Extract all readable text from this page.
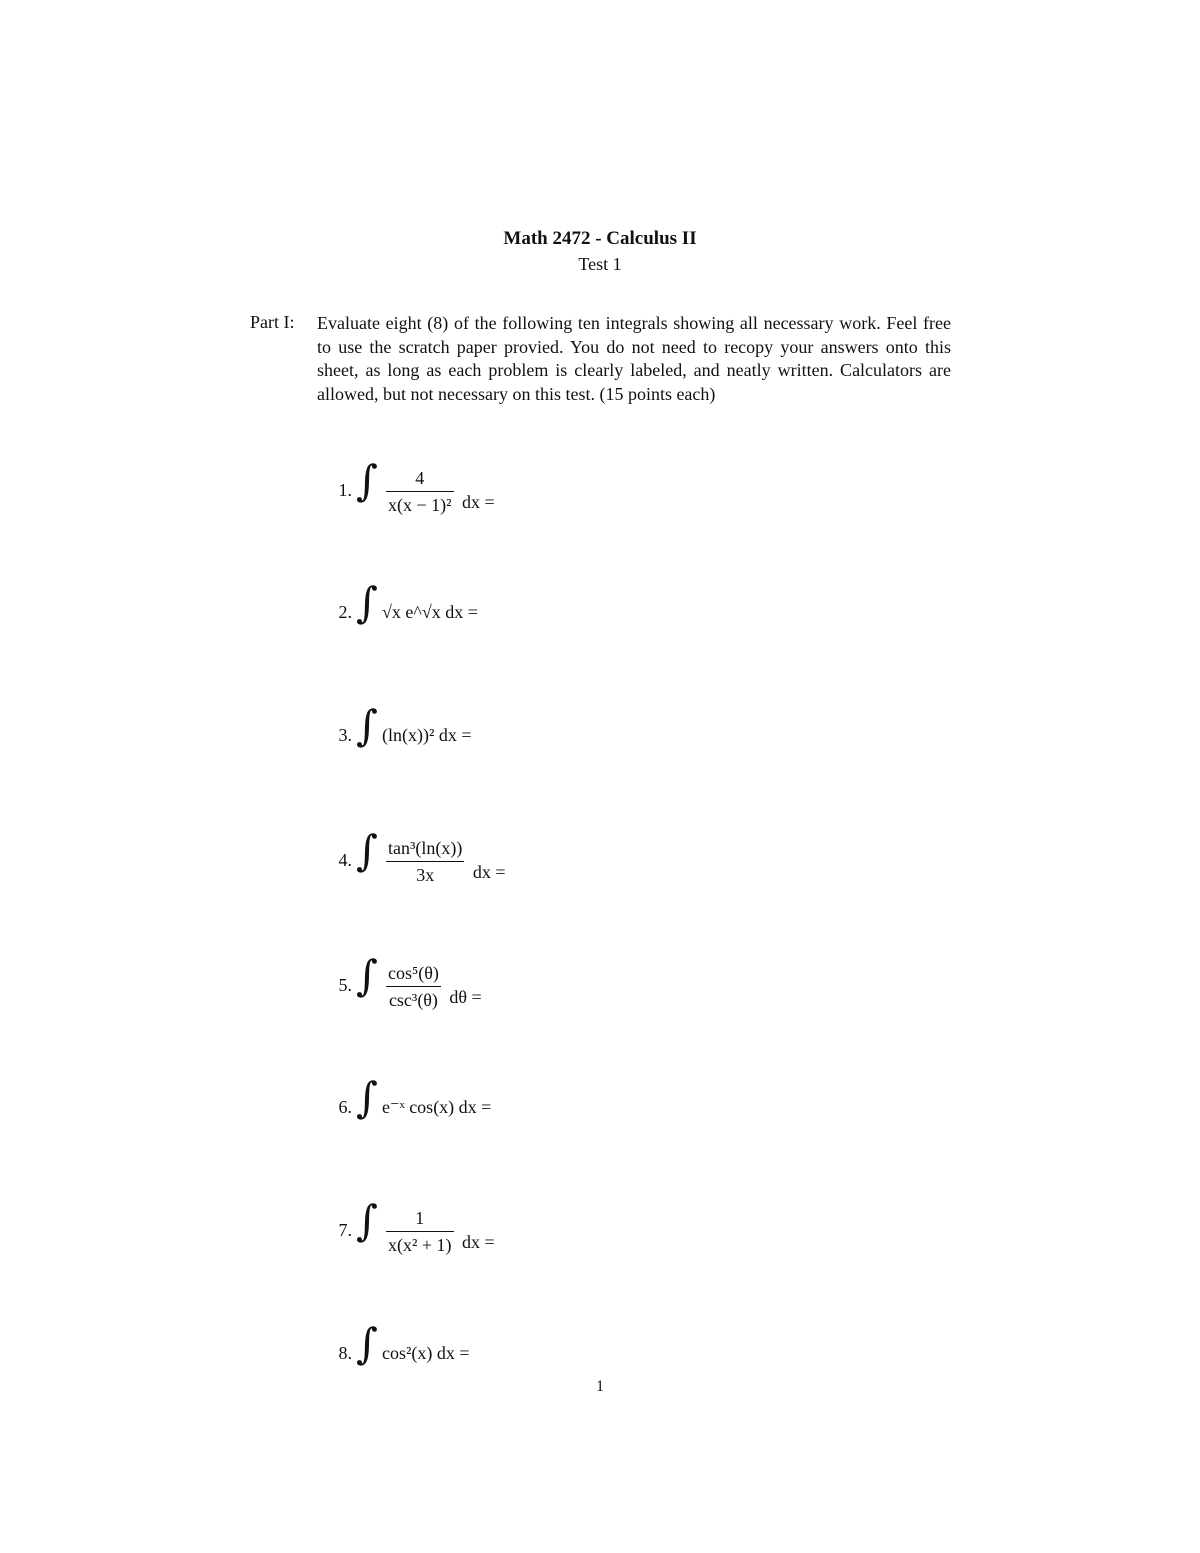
Math 2472 - Calculus II
Test 1
Part I: Evaluate eight (8) of the following ten integrals showing all necessary work. Feel free to use the scratch paper provied. You do not need to recopy your answers onto this sheet, as long as each problem is clearly labeled, and neatly written. Calculators are allowed, but not necessary on this test. (15 points each)
1. ∫ $\frac{4}{\text{x(x − 1)²}}$ dx =
2. ∫ √x e^√x dx =
3. ∫ (ln(x))² dx =
4. ∫ $\frac{\text{tan³(ln(x))}}{3x}$ dx =
5. ∫ $\frac{\text{cos⁵(θ)}}{\text{csc³(θ)}}$ dθ =
6. ∫ e⁻ˣ cos(x) dx =
7. ∫ $\frac{1}{\text{x(x² + 1)}}$ dx =
8. ∫ cos²(x) dx =
1
